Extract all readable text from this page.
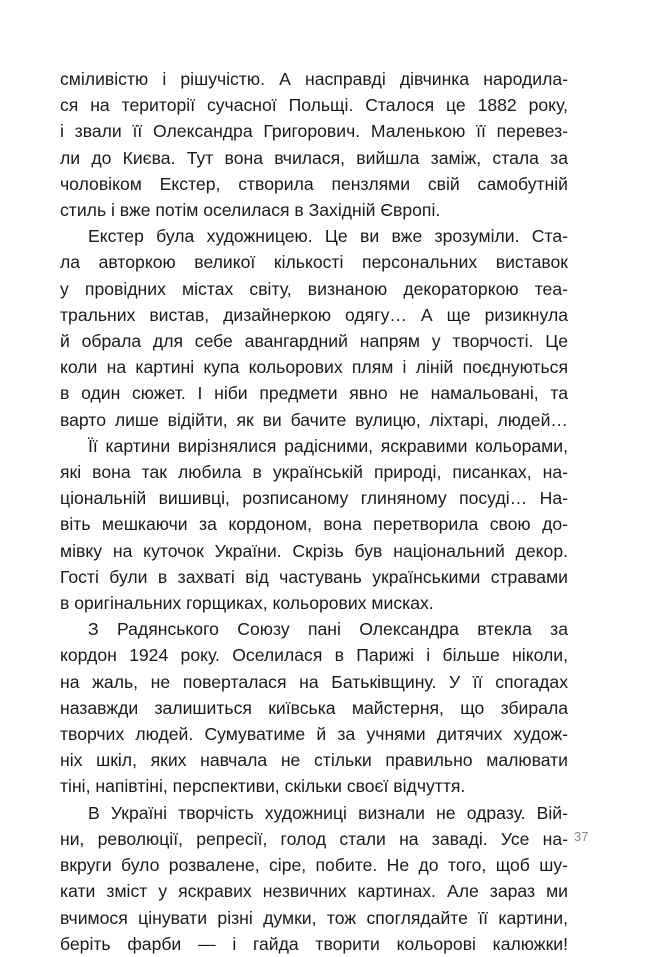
сміливістю і рішучістю. А насправді дівчинка народила-
ся на території сучасної Польщі. Сталося це 1882 року,
і звали її Олександра Григорович. Маленькою її перевез-
ли до Києва. Тут вона вчилася, вийшла заміж, стала за
чоловіком Екстер, створила пензлями свій самобутній
стиль і вже потім оселилася в Західній Європі.

Екстер була художницею. Це ви вже зрозуміли. Ста-
ла авторкою великої кількості персональних виставок
у провідних містах світу, визнаною декораторкою теа-
тральних вистав, дизайнеркою одягу… А ще ризикнула
й обрала для себе авангардний напрям у творчості. Це
коли на картині купа кольорових плям і ліній поєднуються
в один сюжет. І ніби предмети явно не намальовані, та
варто лише відійти, як ви бачите вулицю, ліхтарі, людей…

Її картини вирізнялися радісними, яскравими кольорами,
які вона так любила в українській природі, писанках, на-
ціональній вишивці, розписаному глиняному посуді… На-
віть мешкаючи за кордоном, вона перетворила свою до-
мівку на куточок України. Скрізь був національний декор.
Гості були в захваті від частувань українськими стравами
в оригінальних горщиках, кольорових мисках.

З Радянського Союзу пані Олександра втекла за
кордон 1924 року. Оселилася в Парижі і більше ніколи,
на жаль, не поверталася на Батьківщину. У її спогадах
назавжди залишиться київська майстерня, що збирала
творчих людей. Сумуватиме й за учнями дитячих худож-
ніх шкіл, яких навчала не стільки правильно малювати
тіні, напівтіні, перспективи, скільки своєї відчуття.

В Україні творчість художниці визнали не одразу. Вій-
ни, революції, репресії, голод стали на заваді. Усе на-
вкруги було розвалене, сіре, побите. Не до того, щоб шу-
кати зміст у яскравих незвичних картинах. Але зараз ми
вчимося цінувати різні думки, тож споглядайте її картини,
беріть фарби — і гайда творити кольорові калюжки!

37
